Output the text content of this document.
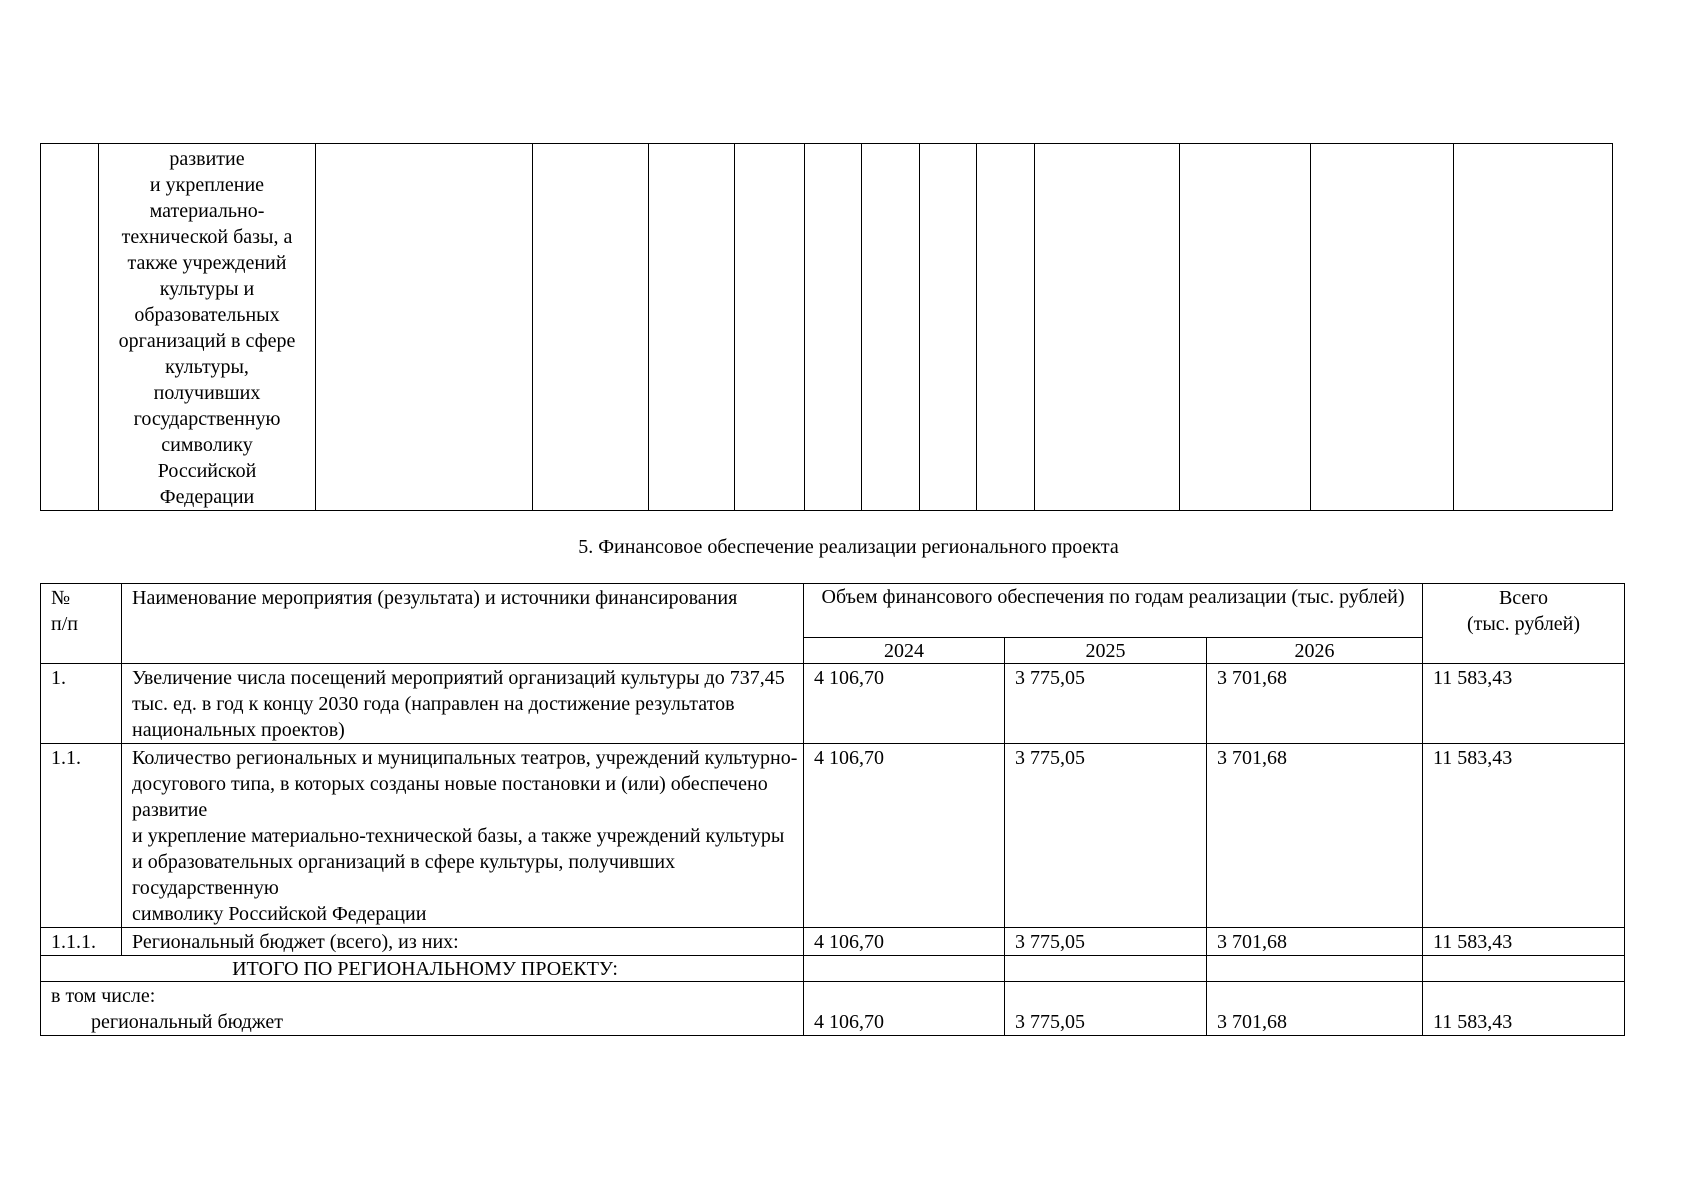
	развитие
и укрепление
материально-
технической базы, а
также учреждений
культуры и
образовательных
организаций в сфере
культуры,
получивших
государственную
символику
Российской
Федерации												
5. Финансовое обеспечение реализации регионального проекта
№
п/п	Наименование мероприятия (результата) и источники финансирования	Объем финансового обеспечения по годам реализации (тыс. рублей)			Всего
(тыс. рублей)
		2024	2025	2026	
1.	Увеличение числа посещений мероприятий организаций культуры до 737,45 тыс. ед. в год к концу 2030 года (направлен на достижение результатов национальных проектов)	4 106,70	3 775,05	3 701,68	11 583,43
1.1.	Количество региональных и муниципальных театров, учреждений культурно-досугового типа, в которых созданы новые постановки и (или) обеспечено развитие
и укрепление материально-технической базы, а также учреждений культуры и образовательных организаций в сфере культуры, получивших государственную
символику Российской Федерации	4 106,70	3 775,05	3 701,68	11 583,43
1.1.1.	Региональный бюджет (всего), из них:	4 106,70	3 775,05	3 701,68	11 583,43
ИТОГО ПО РЕГИОНАЛЬНОМУ ПРОЕКТУ:					

в том числе:
региональный бюджет		4 106,70	3 775,05	3 701,68	11 583,43
